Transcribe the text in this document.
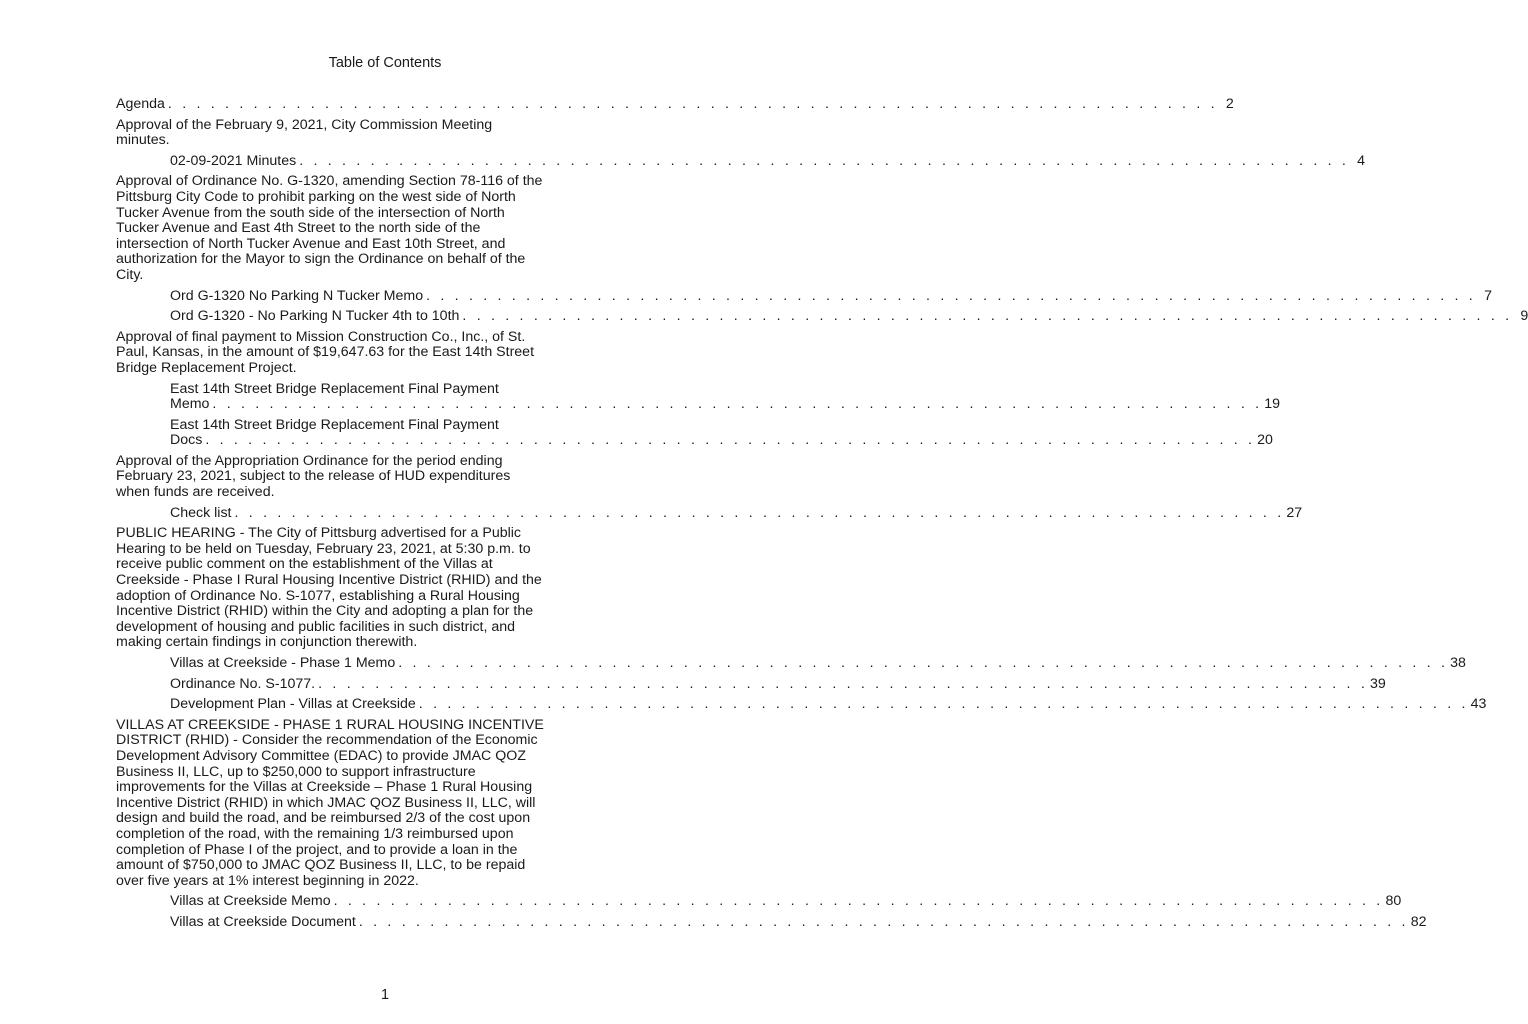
Table of Contents
Agenda . . . . . . . . . . . . . . . . . . . . . . . . . . . . . . . . . . . . . . . . . . . . . . . . . . . . . . . . . . . . . . . . . . . . . . . . . . 2
Approval of the February 9, 2021, City Commission Meeting minutes.
02-09-2021 Minutes . . . . . . . . . . . . . . . . . . . . . . . . . . . . . . . . . . . . . . . . . . . . . . . . . . . . . . . . . . . . . . . . . . . . . . . . . . 4
Approval of Ordinance No. G-1320, amending Section 78-116 of the Pittsburg City Code to prohibit parking on the west side of North Tucker Avenue from the south side of the intersection of North Tucker Avenue and East 4th Street to the north side of the intersection of North Tucker Avenue and East 10th Street, and authorization for the Mayor to sign the Ordinance on behalf of the City.
Ord G-1320 No Parking N Tucker Memo . . . . . . . . . . . . . . . . . . . . . . . . . . . . . . . . . . . . . . . . . . . . . . . . . . . . . . . . . . . . . . . . . . . . . . . . . . 7
Ord G-1320 - No Parking N Tucker 4th to 10th . . . . . . . . . . . . . . . . . . . . . . . . . . . . . . . . . . . . . . . . . . . . . . . . . . . . . . . . . . . . . . . . . . . . . . . . . . 9
Approval of final payment to Mission Construction Co., Inc., of St. Paul, Kansas, in the amount of $19,647.63 for the East 14th Street Bridge Replacement Project.
East 14th Street Bridge Replacement Final Payment
Memo . . . . . . . . . . . . . . . . . . . . . . . . . . . . . . . . . . . . . . . . . . . . . . . . . . . . . . . . . . . . . . . . . . . . . . . . . . 19
East 14th Street Bridge Replacement Final Payment
Docs . . . . . . . . . . . . . . . . . . . . . . . . . . . . . . . . . . . . . . . . . . . . . . . . . . . . . . . . . . . . . . . . . . . . . . . . . . 20
Approval of the Appropriation Ordinance for the period ending February 23, 2021, subject to the release of HUD expenditures when funds are received.
Check list . . . . . . . . . . . . . . . . . . . . . . . . . . . . . . . . . . . . . . . . . . . . . . . . . . . . . . . . . . . . . . . . . . . . . . . . . . 27
PUBLIC HEARING - The City of Pittsburg advertised for a Public Hearing to be held on Tuesday, February 23, 2021, at 5:30 p.m. to receive public comment on the establishment of the Villas at Creekside - Phase I Rural Housing Incentive District (RHID) and the adoption of Ordinance No. S-1077, establishing a Rural Housing Incentive District (RHID) within the City and adopting a plan for the development of housing and public facilities in such district, and making certain findings in conjunction therewith.
Villas at Creekside - Phase 1 Memo . . . . . . . . . . . . . . . . . . . . . . . . . . . . . . . . . . . . . . . . . . . . . . . . . . . . . . . . . . . . . . . . . . . . . . . . . . 38
Ordinance No. S-1077. . . . . . . . . . . . . . . . . . . . . . . . . . . . . . . . . . . . . . . . . . . . . . . . . . . . . . . . . . . . . . . . . . . . . . . . . . . 39
Development Plan - Villas at Creekside . . . . . . . . . . . . . . . . . . . . . . . . . . . . . . . . . . . . . . . . . . . . . . . . . . . . . . . . . . . . . . . . . . . . . . . . . . 43
VILLAS AT CREEKSIDE - PHASE 1 RURAL HOUSING INCENTIVE DISTRICT (RHID) - Consider the recommendation of the Economic Development Advisory Committee (EDAC) to provide JMAC QOZ Business II, LLC, up to $250,000 to support infrastructure improvements for the Villas at Creekside – Phase 1 Rural Housing Incentive District (RHID) in which JMAC QOZ Business II, LLC, will design and build the road, and be reimbursed 2/3 of the cost upon completion of the road, with the remaining 1/3 reimbursed upon completion of Phase I of the project, and to provide a loan in the amount of $750,000 to JMAC QOZ Business II, LLC, to be repaid over five years at 1% interest beginning in 2022.
Villas at Creekside Memo . . . . . . . . . . . . . . . . . . . . . . . . . . . . . . . . . . . . . . . . . . . . . . . . . . . . . . . . . . . . . . . . . . . . . . . . . . 80
Villas at Creekside Document . . . . . . . . . . . . . . . . . . . . . . . . . . . . . . . . . . . . . . . . . . . . . . . . . . . . . . . . . . . . . . . . . . . . . . . . . . 82
1
